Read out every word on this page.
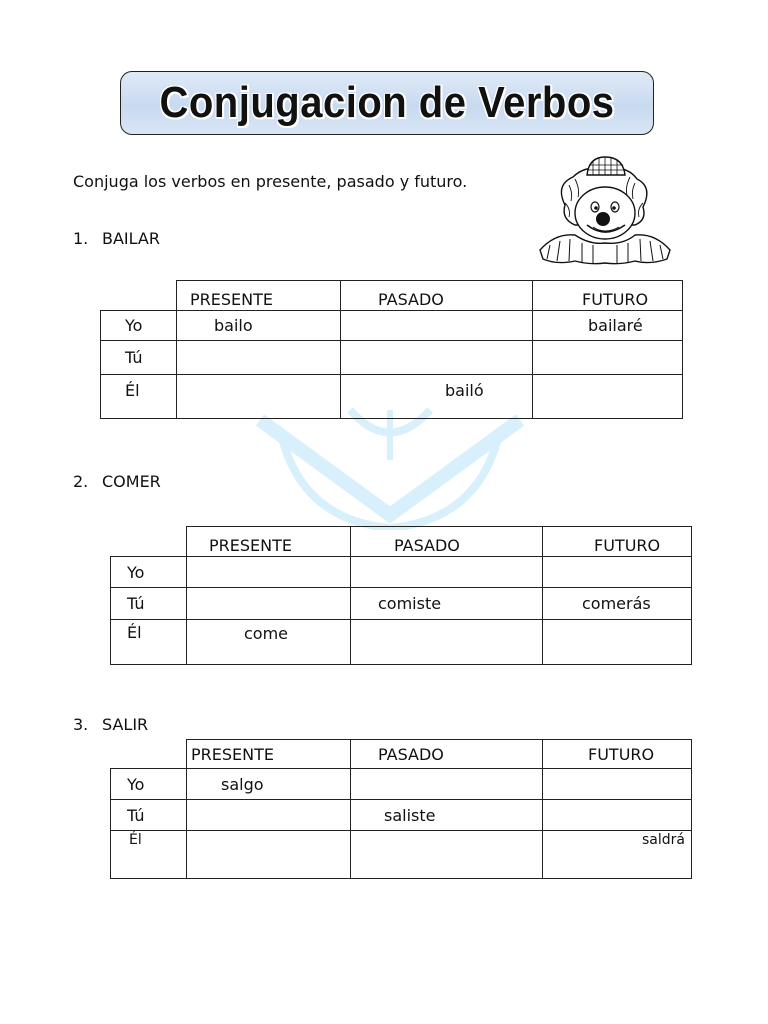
Conjugacion de Verbos
Conjuga los verbos en presente, pasado y futuro.
1. BAILAR
	PRESENTE	PASADO	FUTURO
Yo	bailo		bailaré
Tú			
Él		bailó	
2. COMER
	PRESENTE	PASADO	FUTURO
Yo			
Tú		comiste	comerás
Él	come		
3. SALIR
	PRESENTE	PASADO	FUTURO
Yo	salgo		
Tú		saliste	
Él			saldrá
